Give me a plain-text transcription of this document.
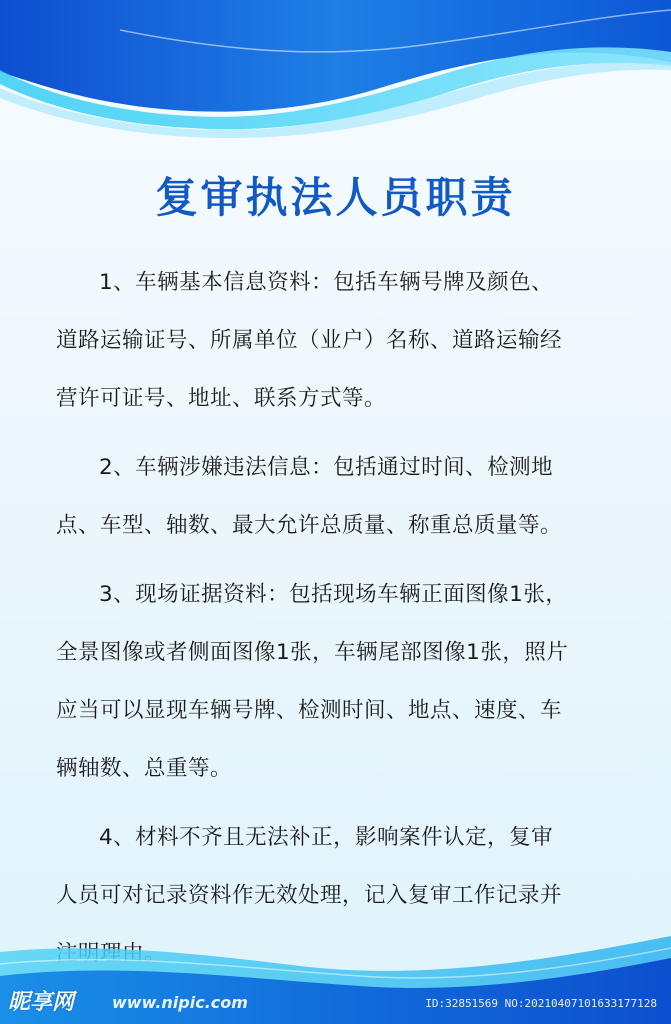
复审执法人员职责

1、车辆基本信息资料：包括车辆号牌及颜色、
道路运输证号、所属单位（业户）名称、道路运输经
营许可证号、地址、联系方式等。

2、车辆涉嫌违法信息：包括通过时间、检测地
点、车型、轴数、最大允许总质量、称重总质量等。

3、现场证据资料：包括现场车辆正面图像1张，
全景图像或者侧面图像1张，车辆尾部图像1张，照片
应当可以显现车辆号牌、检测时间、地点、速度、车
辆轴数、总重等。

4、材料不齐且无法补正，影响案件认定，复审
人员可对记录资料作无效处理，记入复审工作记录并

昵享网 www.nipic.com	ID:32851569 NO:20210407101633177128
